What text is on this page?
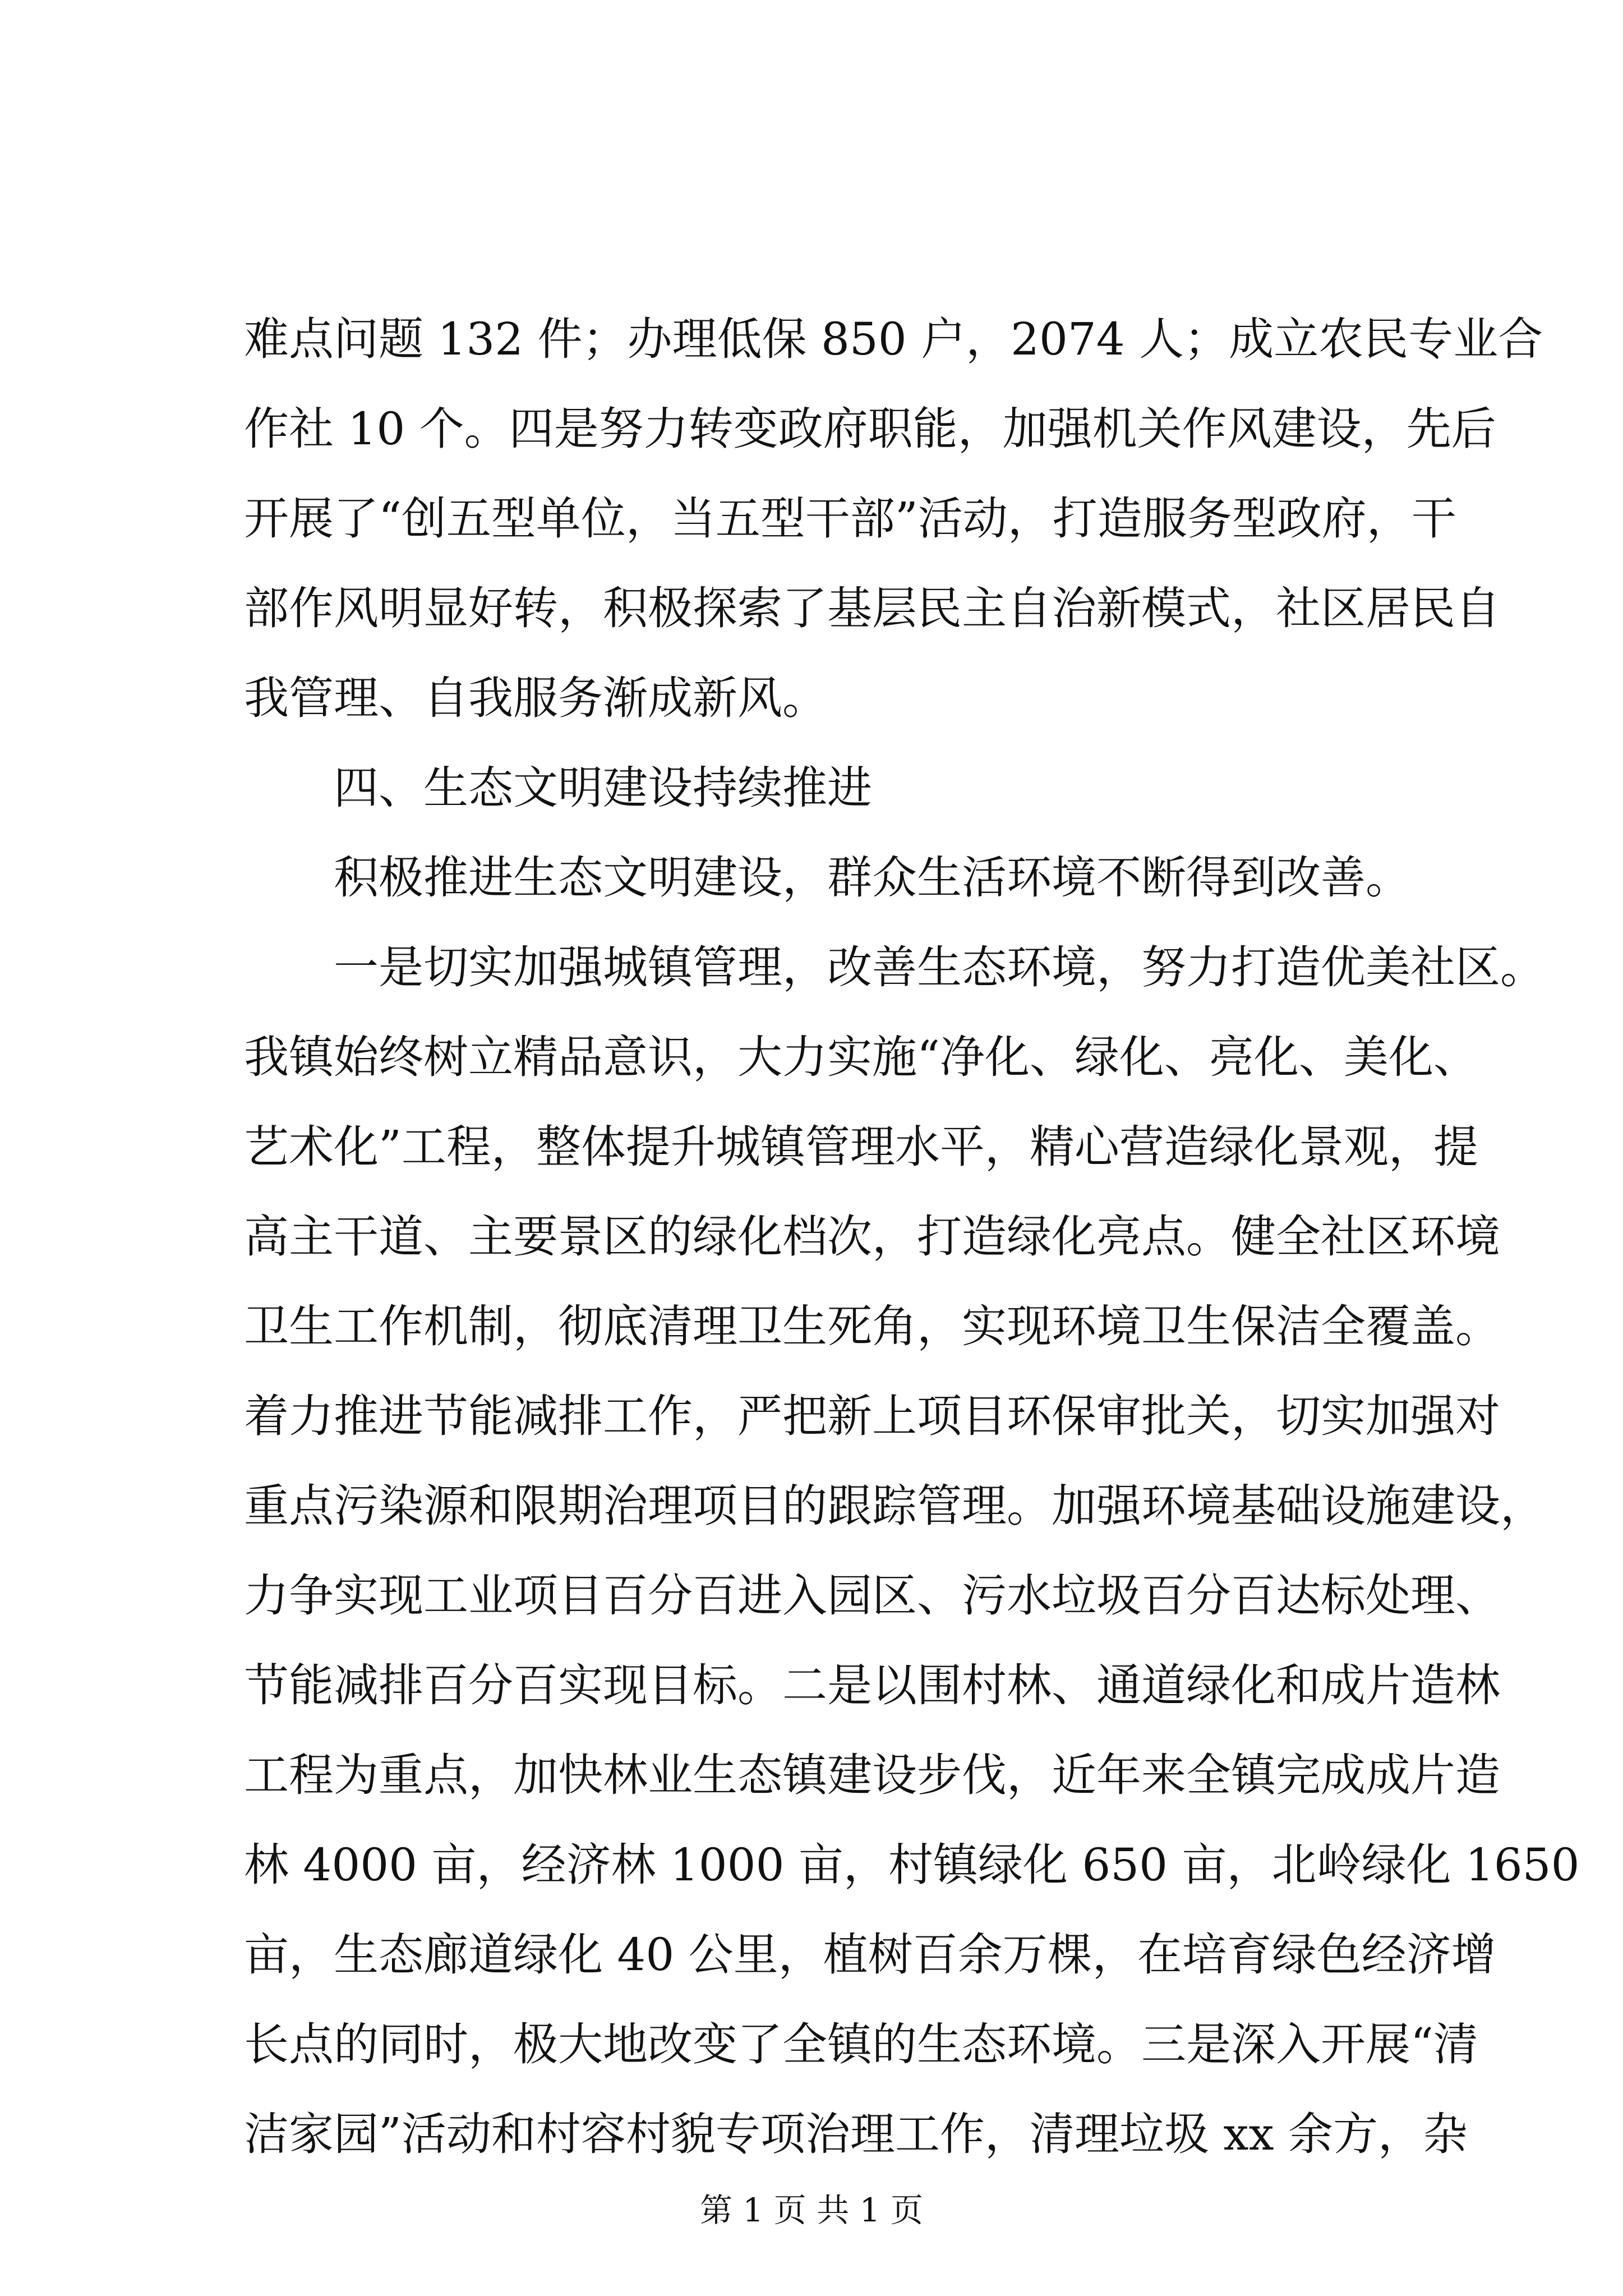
难点问题 132 件；办理低保 850 户，2074 人；成立农民专业合
作社 10 个。四是努力转变政府职能，加强机关作风建设，先后
开展了“创五型单位，当五型干部”活动，打造服务型政府，干
部作风明显好转，积极探索了基层民主自治新模式，社区居民自
我管理、自我服务渐成新风。
四、生态文明建设持续推进
积极推进生态文明建设，群众生活环境不断得到改善。
一是切实加强城镇管理，改善生态环境，努力打造优美社区。
我镇始终树立精品意识，大力实施“净化、绿化、亮化、美化、
艺术化”工程，整体提升城镇管理水平，精心营造绿化景观，提
高主干道、主要景区的绿化档次，打造绿化亮点。健全社区环境
卫生工作机制，彻底清理卫生死角，实现环境卫生保洁全覆盖。
着力推进节能减排工作，严把新上项目环保审批关，切实加强对
重点污染源和限期治理项目的跟踪管理。加强环境基础设施建设，
力争实现工业项目百分百进入园区、污水垃圾百分百达标处理、
节能减排百分百实现目标。二是以围村林、通道绿化和成片造林
工程为重点，加快林业生态镇建设步伐，近年来全镇完成成片造
林 4000 亩，经济林 1000 亩，村镇绿化 650 亩，北岭绿化 1650
亩，生态廊道绿化 40 公里，植树百余万棵，在培育绿色经济增
长点的同时，极大地改变了全镇的生态环境。三是深入开展“清
洁家园”活动和村容村貌专项治理工作，清理垃圾 xx 余方，杂
第 1 页 共 1 页
